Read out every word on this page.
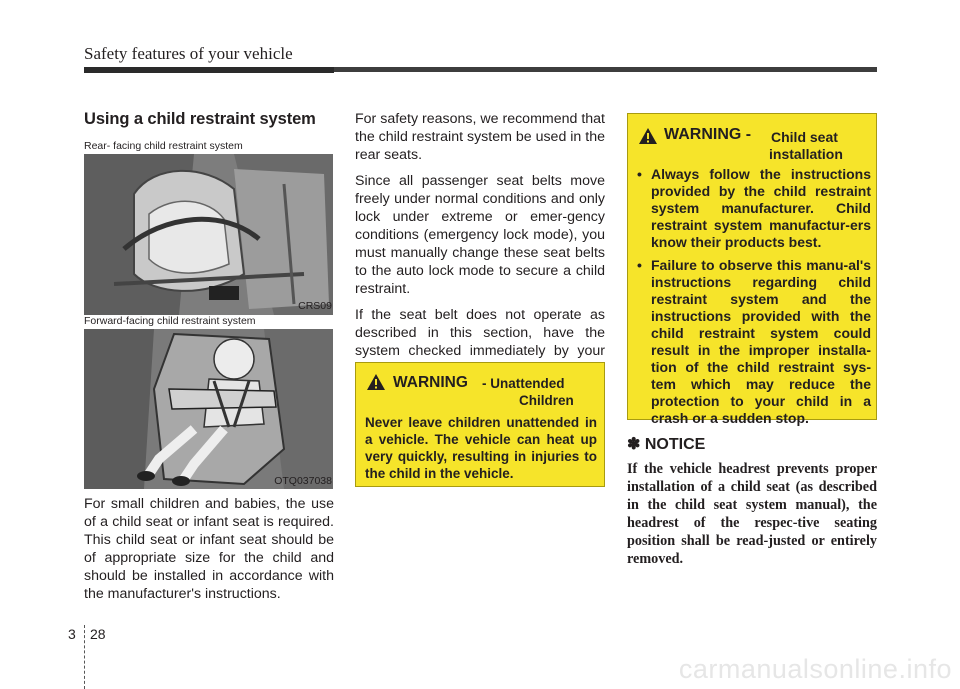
Safety features of your vehicle
Using a child restraint system
Rear- facing child restraint system
CRS09
Forward-facing child restraint system
OTQ037038

For small children and babies, the use of a child seat or infant seat is required. This child seat or infant seat should be of appropriate size for the child and should be installed in accordance with the manufacturer's instructions.

For safety reasons, we recommend that the child restraint system be used in the rear seats.

Since all passenger seat belts move freely under normal conditions and only lock under extreme or emer-gency conditions (emergency lock mode), you must manually change these seat belts to the auto lock mode to secure a child restraint.

If the seat belt does not operate as described in this section, have the system checked immediately by your

WARNING - Unattended
Children

Never leave children unattended in a vehicle. The vehicle can heat up very quickly, resulting in injuries to the child in the vehicle.

WARNING - Child seat
installation
• Always follow the instructions provided by the child restraint system manufacturer. Child restraint system manufactur-ers know their products best.

• Failure to observe this manu-al's instructions regarding child restraint system and the instructions provided with the child restraint system could result in the improper installa-tion of the child restraint sys-tem which may reduce the protection to your child in a crash or a sudden stop.

✽ NOTICE

If the vehicle headrest prevents proper installation of a child seat (as described in the child seat system manual), the headrest of the respec-tive seating position shall be read-justed or entirely removed.

3 28
carmanualsonline.info
